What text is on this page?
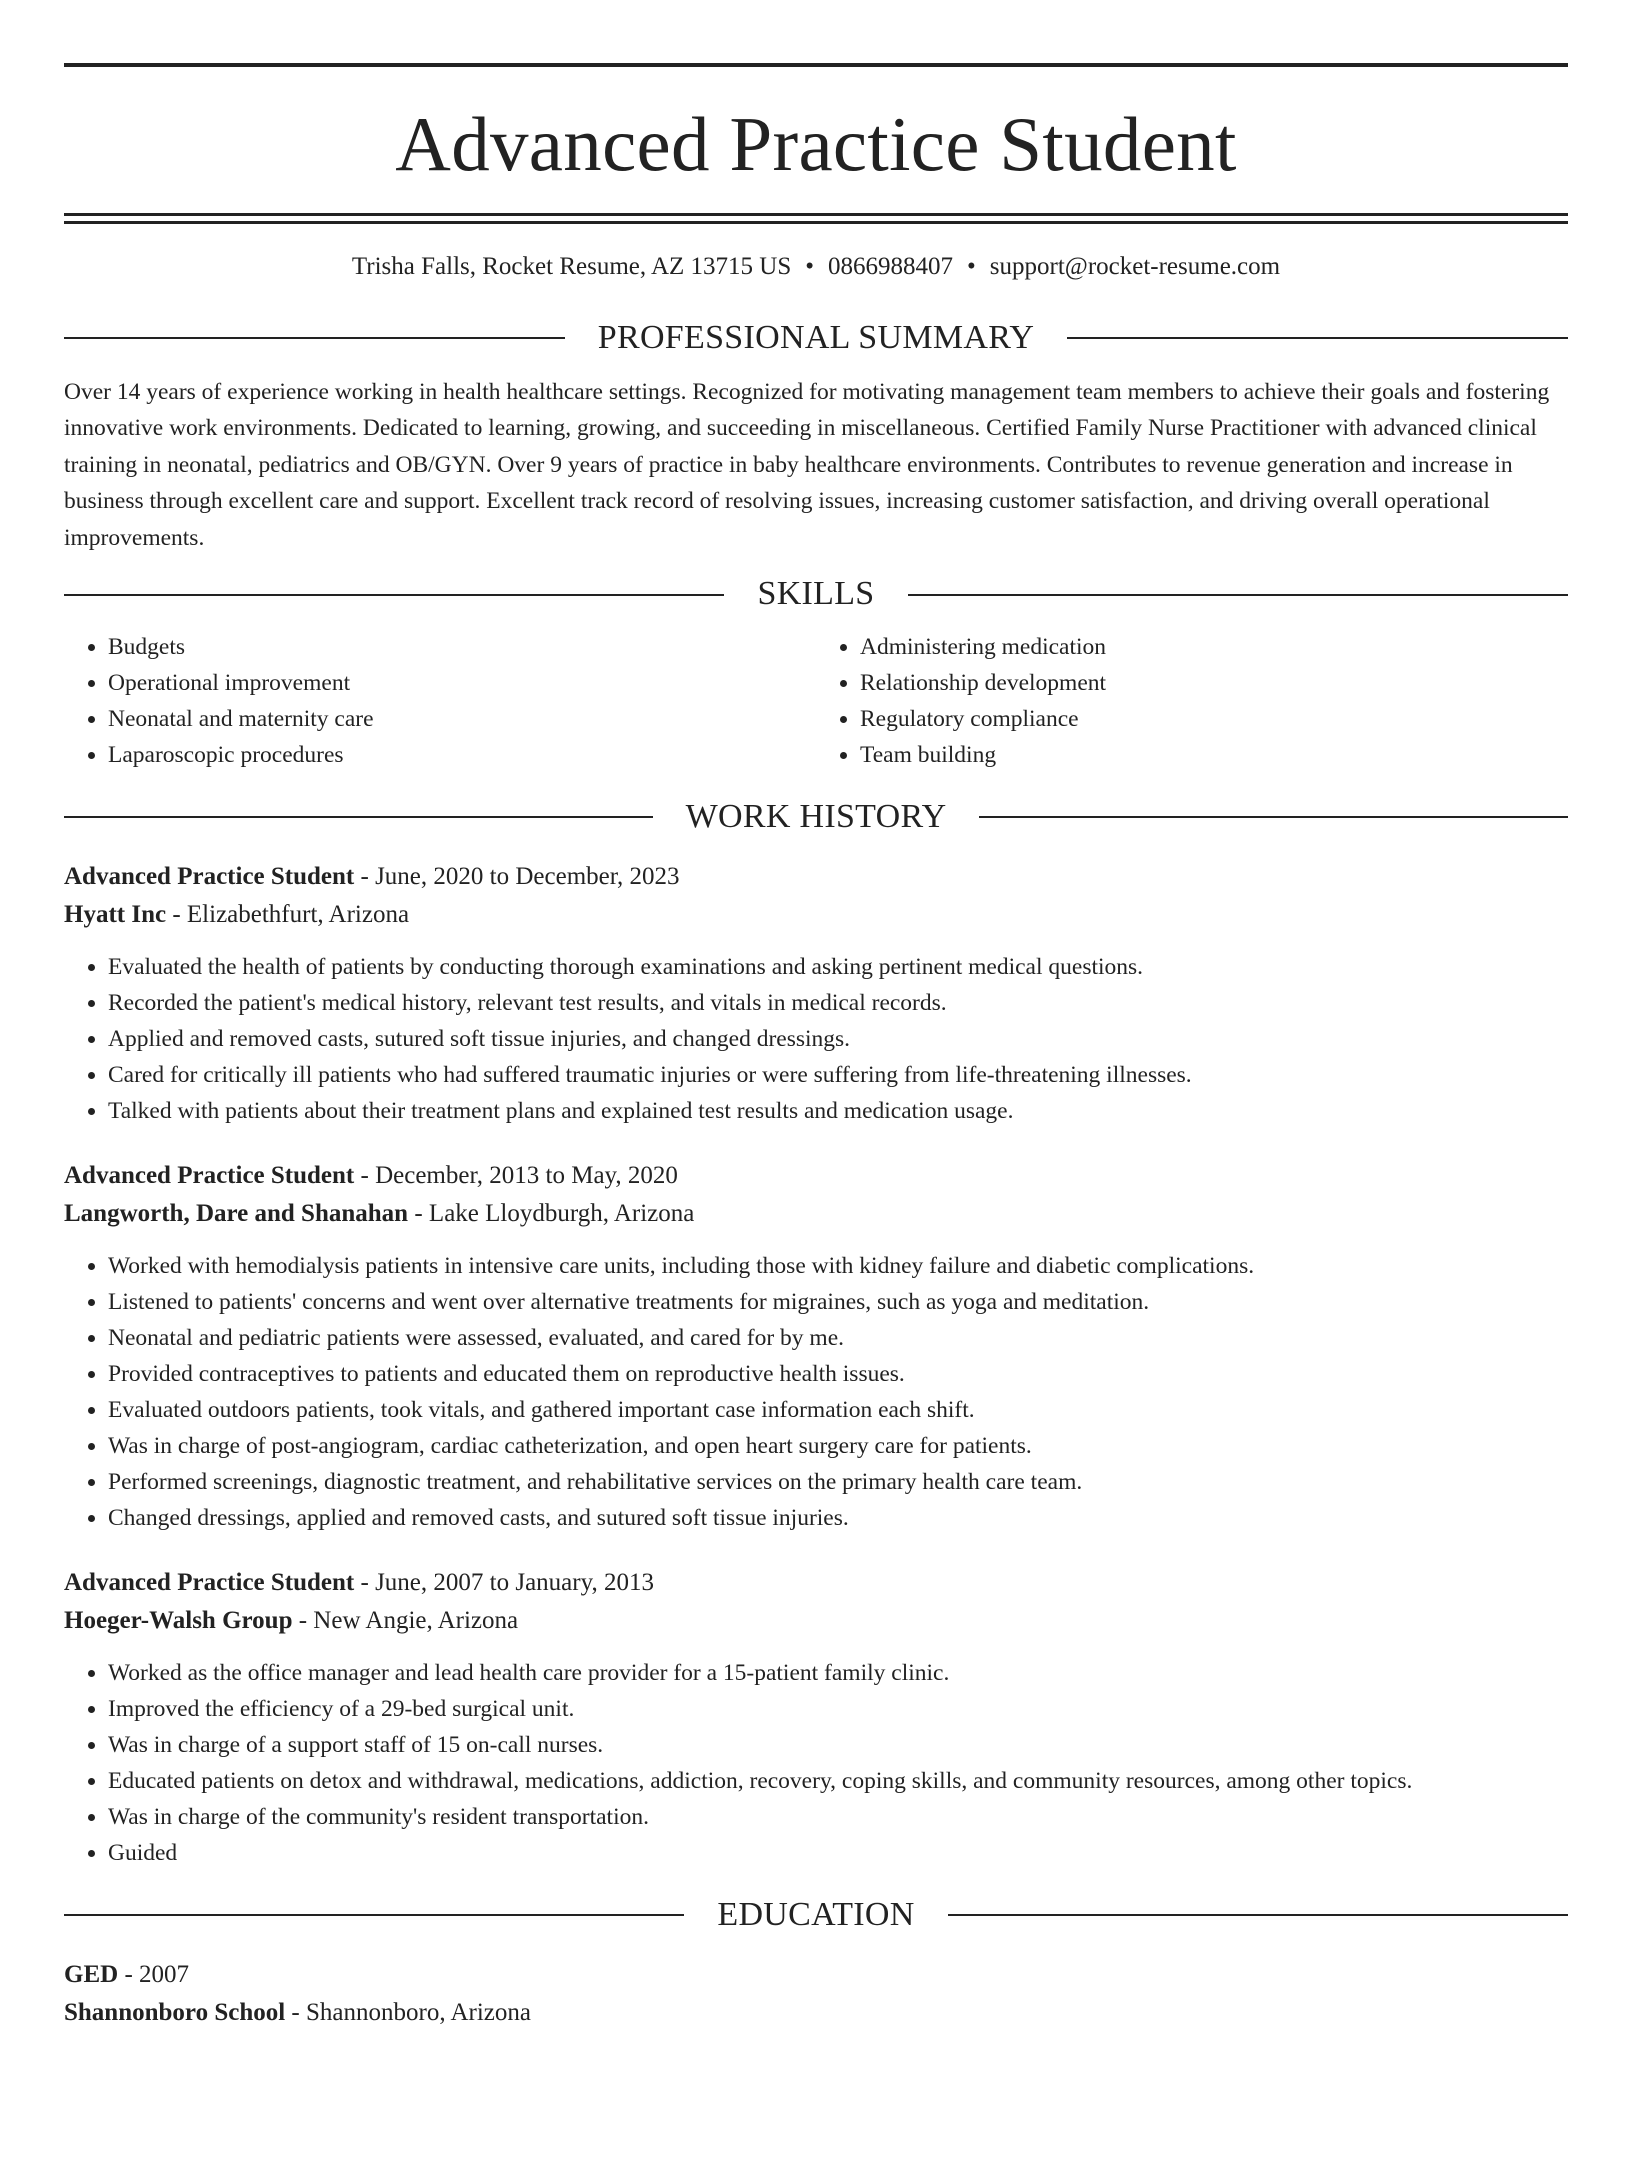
Advanced Practice Student
Trisha Falls, Rocket Resume, AZ 13715 US • 0866988407 • support@rocket-resume.com
PROFESSIONAL SUMMARY

Over 14 years of experience working in health healthcare settings. Recognized for motivating management team members to achieve their goals and fostering innovative work environments. Dedicated to learning, growing, and succeeding in miscellaneous. Certified Family Nurse Practitioner with advanced clinical training in neonatal, pediatrics and OB/GYN. Over 9 years of practice in baby healthcare environments. Contributes to revenue generation and increase in business through excellent care and support. Excellent track record of resolving issues, increasing customer satisfaction, and driving overall operational improvements.

SKILLS
• Budgets
• Operational improvement
• Neonatal and maternity care
• Laparoscopic procedures
• Administering medication
• Relationship development
• Regulatory compliance
• Team building
WORK HISTORY
Advanced Practice Student - June, 2020 to December, 2023
Hyatt Inc - Elizabethfurt, Arizona
• Evaluated the health of patients by conducting thorough examinations and asking pertinent medical questions.
• Recorded the patient's medical history, relevant test results, and vitals in medical records.
• Applied and removed casts, sutured soft tissue injuries, and changed dressings.
• Cared for critically ill patients who had suffered traumatic injuries or were suffering from life-threatening illnesses.
• Talked with patients about their treatment plans and explained test results and medication usage.
Advanced Practice Student - December, 2013 to May, 2020
Langworth, Dare and Shanahan - Lake Lloydburgh, Arizona
• Worked with hemodialysis patients in intensive care units, including those with kidney failure and diabetic complications.
• Listened to patients' concerns and went over alternative treatments for migraines, such as yoga and meditation.
• Neonatal and pediatric patients were assessed, evaluated, and cared for by me.
• Provided contraceptives to patients and educated them on reproductive health issues.
• Evaluated outdoors patients, took vitals, and gathered important case information each shift.
• Was in charge of post-angiogram, cardiac catheterization, and open heart surgery care for patients.
• Performed screenings, diagnostic treatment, and rehabilitative services on the primary health care team.
• Changed dressings, applied and removed casts, and sutured soft tissue injuries.
Advanced Practice Student - June, 2007 to January, 2013
Hoeger-Walsh Group - New Angie, Arizona
• Worked as the office manager and lead health care provider for a 15-patient family clinic.
• Improved the efficiency of a 29-bed surgical unit.
• Was in charge of a support staff of 15 on-call nurses.
• Educated patients on detox and withdrawal, medications, addiction, recovery, coping skills, and community resources, among other topics.
• Was in charge of the community's resident transportation.
• Guided
EDUCATION
GED - 2007
Shannonboro School - Shannonboro, Arizona
